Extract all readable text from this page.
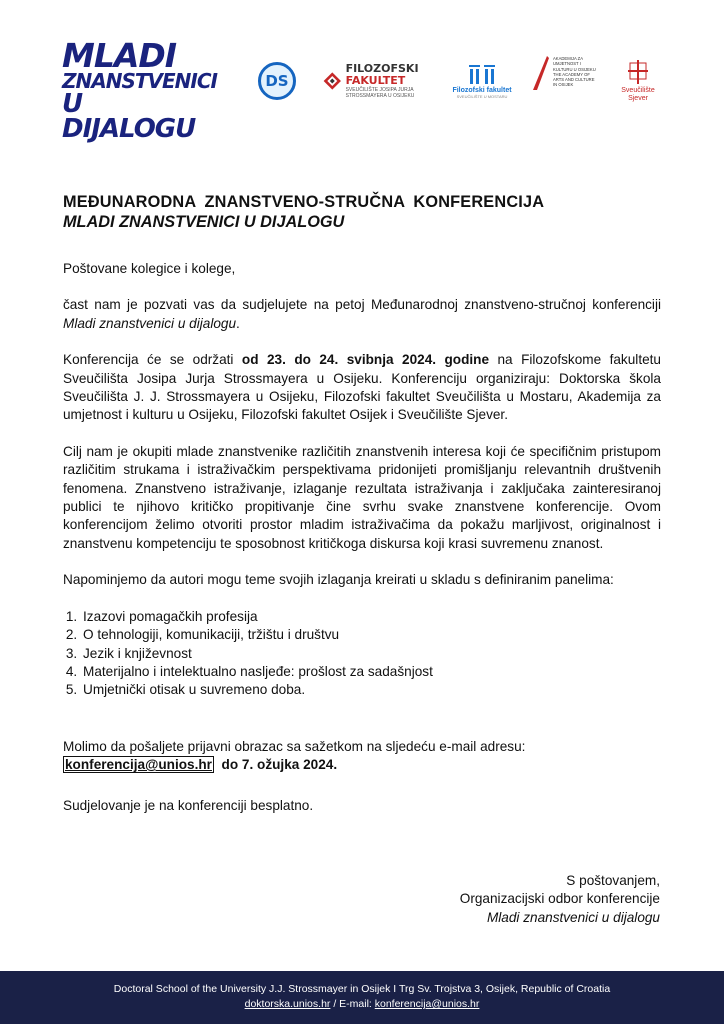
MLADI
ZNANSTVENICI
U DIJALOGU
DS
FILOZOFSKI
FAKULTET
SVEUČILIŠTE JOSIPA JURJA STROSSMAYERA U OSIJEKU
Filozofski fakultet
SVEUČILIŠTE U MOSTARU
AKADEMIJA ZA UMJETNOST I KULTURU U OSIJEKU THE ACADEMY OF ARTS AND CULTURE IN OSIJEK
Sveučilište
Sjever
MEĐUNARODNA ZNANSTVENO-STRUČNA KONFERENCIJA
MLADI ZNANSTVENICI U DIJALOGU

Poštovane kolegice i kolege,

čast nam je pozvati vas da sudjelujete na petoj Međunarodnoj znanstveno-stručnoj konferenciji Mladi znanstvenici u dijalogu.

Konferencija će se održati od 23. do 24. svibnja 2024. godine na Filozofskome fakultetu Sveučilišta Josipa Jurja Strossmayera u Osijeku. Konferenciju organiziraju: Doktorska škola Sveučilišta J. J. Strossmayera u Osijeku, Filozofski fakultet Sveučilišta u Mostaru, Akademija za umjetnost i kulturu u Osijeku, Filozofski fakultet Osijek i Sveučilište Sjever.

Cilj nam je okupiti mlade znanstvenike različitih znanstvenih interesa koji će specifičnim pristupom različitim strukama i istraživačkim perspektivama pridonijeti promišljanju relevantnih društvenih fenomena. Znanstveno istraživanje, izlaganje rezultata istraživanja i zaključaka zainteresiranoj publici te njihovo kritičko propitivanje čine svrhu svake znanstvene konferencije. Ovom konferencijom želimo otvoriti prostor mladim istraživačima da pokažu marljivost, originalnost i znanstvenu kompetenciju te sposobnost kritičkoga diskursa koji krasi suvremenu znanost.

Napominjemo da autori mogu teme svojih izlaganja kreirati u skladu s definiranim panelima:

1. Izazovi pomagačkih profesija
2. O tehnologiji, komunikaciji, tržištu i društvu
3. Jezik i književnost
4. Materijalno i intelektualno nasljeđe: prošlost za sadašnjost
5. Umjetnički otisak u suvremeno doba.

Molimo da pošaljete prijavni obrazac sa sažetkom na sljedeću e-mail adresu:
konferencija@unios.hr do 7. ožujka 2024.

Sudjelovanje je na konferenciji besplatno.

S poštovanjem,
Organizacijski odbor konferencije
Mladi znanstvenici u dijalogu
Doctoral School of the University J.J. Strossmayer in Osijek I Trg Sv. Trojstva 3, Osijek, Republic of Croatia
doktorska.unios.hr / E-mail: konferencija@unios.hr
